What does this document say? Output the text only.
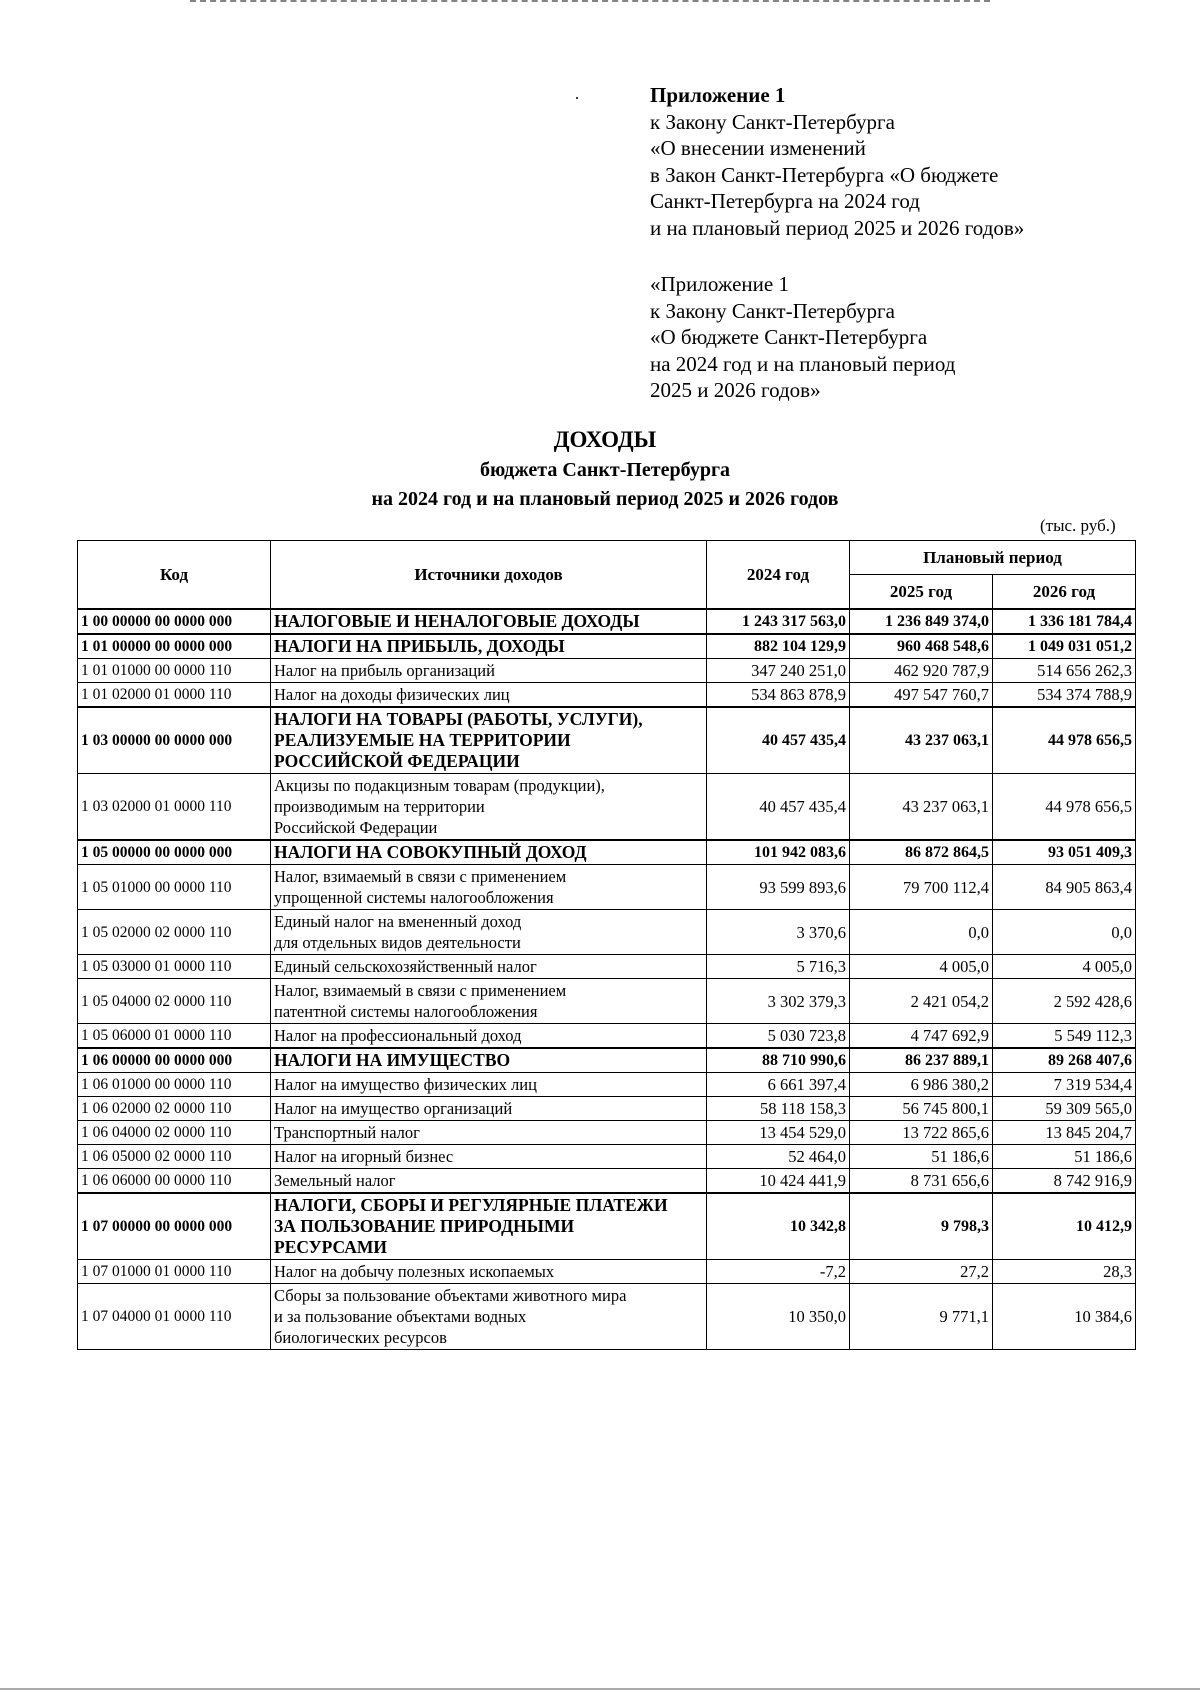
Приложение 1
к Закону Санкт-Петербурга
«О внесении изменений
в Закон Санкт-Петербурга «О бюджете
Санкт-Петербурга на 2024 год
и на плановый период 2025 и 2026 годов»
«Приложение 1
к Закону Санкт-Петербурга
«О бюджете Санкт-Петербурга
на 2024 год и на плановый период
2025 и 2026 годов»
ДОХОДЫ
бюджета Санкт-Петербурга
на 2024 год и на плановый период 2025 и 2026 годов
(тыс. руб.)
Код	Источники доходов	2024 год	Плановый период	
			2025 год	2026 год
1 00 00000 00 0000 000	НАЛОГОВЫЕ И НЕНАЛОГОВЫЕ ДОХОДЫ	1 243 317 563,0	1 236 849 374,0	1 336 181 784,4
1 01 00000 00 0000 000	НАЛОГИ НА ПРИБЫЛЬ, ДОХОДЫ	882 104 129,9	960 468 548,6	1 049 031 051,2
1 01 01000 00 0000 110	Налог на прибыль организаций	347 240 251,0	462 920 787,9	514 656 262,3
1 01 02000 01 0000 110	Налог на доходы физических лиц	534 863 878,9	497 547 760,7	534 374 788,9
1 03 00000 00 0000 000	НАЛОГИ НА ТОВАРЫ (РАБОТЫ, УСЛУГИ),
РЕАЛИЗУЕМЫЕ НА ТЕРРИТОРИИ
РОССИЙСКОЙ ФЕДЕРАЦИИ	40 457 435,4	43 237 063,1	44 978 656,5
1 03 02000 01 0000 110	Акцизы по подакцизным товарам (продукции),
производимым на территории
Российской Федерации	40 457 435,4	43 237 063,1	44 978 656,5
1 05 00000 00 0000 000	НАЛОГИ НА СОВОКУПНЫЙ ДОХОД	101 942 083,6	86 872 864,5	93 051 409,3
1 05 01000 00 0000 110	Налог, взимаемый в связи с применением
упрощенной системы налогообложения	93 599 893,6	79 700 112,4	84 905 863,4
1 05 02000 02 0000 110	Единый налог на вмененный доход
для отдельных видов деятельности	3 370,6	0,0	0,0
1 05 03000 01 0000 110	Единый сельскохозяйственный налог	5 716,3	4 005,0	4 005,0
1 05 04000 02 0000 110	Налог, взимаемый в связи с применением
патентной системы налогообложения	3 302 379,3	2 421 054,2	2 592 428,6
1 05 06000 01 0000 110	Налог на профессиональный доход	5 030 723,8	4 747 692,9	5 549 112,3
1 06 00000 00 0000 000	НАЛОГИ НА ИМУЩЕСТВО	88 710 990,6	86 237 889,1	89 268 407,6
1 06 01000 00 0000 110	Налог на имущество физических лиц	6 661 397,4	6 986 380,2	7 319 534,4
1 06 02000 02 0000 110	Налог на имущество организаций	58 118 158,3	56 745 800,1	59 309 565,0
1 06 04000 02 0000 110	Транспортный налог	13 454 529,0	13 722 865,6	13 845 204,7
1 06 05000 02 0000 110	Налог на игорный бизнес	52 464,0	51 186,6	51 186,6
1 06 06000 00 0000 110	Земельный налог	10 424 441,9	8 731 656,6	8 742 916,9
1 07 00000 00 0000 000	НАЛОГИ, СБОРЫ И РЕГУЛЯРНЫЕ ПЛАТЕЖИ
ЗА ПОЛЬЗОВАНИЕ ПРИРОДНЫМИ
РЕСУРСАМИ	10 342,8	9 798,3	10 412,9
1 07 01000 01 0000 110	Налог на добычу полезных ископаемых	-7,2	27,2	28,3
1 07 04000 01 0000 110	Сборы за пользование объектами животного мира
и за пользование объектами водных
биологических ресурсов	10 350,0	9 771,1	10 384,6
